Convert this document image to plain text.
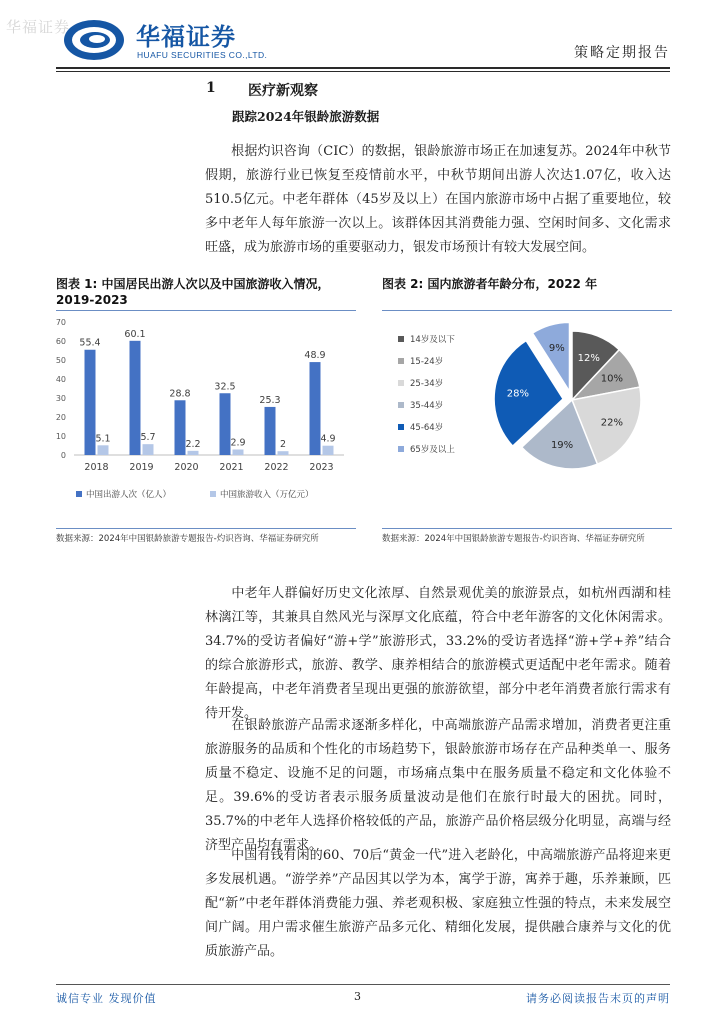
华福证券	华福证券
HUAFU SECURITIES CO.,LTD.	策略定期报告
1 医疗新观察
跟踪2024年银龄旅游数据
根据灼识咨询（CIC）的数据，银龄旅游市场正在加速复苏。2024年中秋节假期，旅游行业已恢复至疫情前水平，中秋节期间出游人次达1.07亿，收入达510.5亿元。中老年群体（45岁及以上）在国内旅游市场中占据了重要地位，较多中老年人每年旅游一次以上。该群体因其消费能力强、空闲时间多、文化需求旺盛，成为旅游市场的重要驱动力，银发市场预计有较大发展空间。
图表 1: 中国居民出游人次以及中国旅游收入情况，2019-2023
图表 2: 国内旅游者年龄分布，2022 年
0
10
20
30
40
50
60
70
55.4
5.1
2018
60.1
5.7
2019
28.8
2.2
2020
32.5
2.9
2021
25.3
2
2022
48.9
4.9
2023
中国出游人次（亿人）	中国旅游收入（万亿元）
12%
10%
22%
19%
28%
9%
14岁及以下
15-24岁
25-34岁
35-44岁
45-64岁
65岁及以上
数据来源：2024年中国银龄旅游专题报告-灼识咨询、华福证券研究所	数据来源：2024年中国银龄旅游专题报告-灼识咨询、华福证券研究所
中老年人群偏好历史文化浓厚、自然景观优美的旅游景点，如杭州西湖和桂林漓江等，其兼具自然风光与深厚文化底蕴，符合中老年游客的文化休闲需求。34.7%的受访者偏好“游+学”旅游形式，33.2%的受访者选择“游+学+养”结合的综合旅游形式，旅游、教学、康养相结合的旅游模式更适配中老年需求。随着年龄提高，中老年消费者呈现出更强的旅游欲望，部分中老年消费者旅行需求有待开发。
在银龄旅游产品需求逐渐多样化，中高端旅游产品需求增加，消费者更注重旅游服务的品质和个性化的市场趋势下，银龄旅游市场存在产品种类单一、服务质量不稳定、设施不足的问题，市场痛点集中在服务质量不稳定和文化体验不足。39.6%的受访者表示服务质量波动是他们在旅行时最大的困扰。同时，35.7%的中老年人选择价格较低的产品，旅游产品价格层级分化明显，高端与经济型产品均有需求。
中国有钱有闲的60、70后“黄金一代”进入老龄化，中高端旅游产品将迎来更多发展机遇。“游学养”产品因其以学为本，寓学于游，寓养于趣，乐养兼顾，匹配“新”中老年群体消费能力强、养老观积极、家庭独立性强的特点，未来发展空间广阔。用户需求催生旅游产品多元化、精细化发展，提供融合康养与文化的优质旅游产品。
诚信专业 发现价值	3	请务必阅读报告末页的声明
